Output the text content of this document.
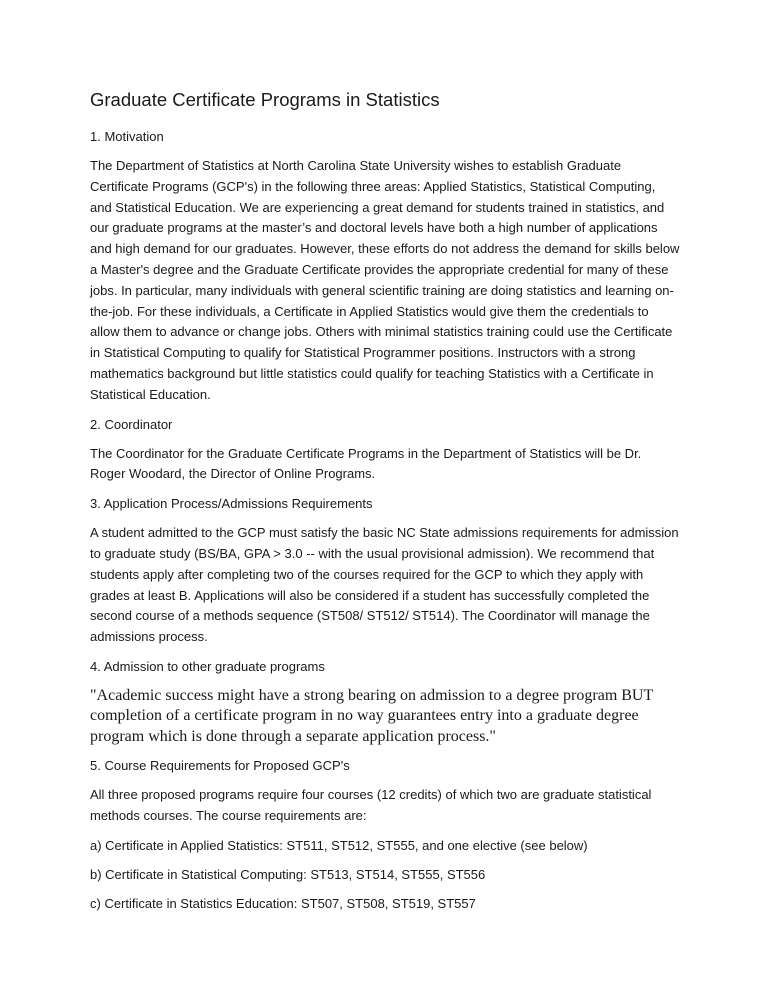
Graduate Certificate Programs in Statistics

1. Motivation

The Department of Statistics at North Carolina State University wishes to establish Graduate Certificate Programs (GCP's) in the following three areas: Applied Statistics, Statistical Computing, and Statistical Education. We are experiencing a great demand for students trained in statistics, and our graduate programs at the master’s and doctoral levels have both a high number of applications and high demand for our graduates. However, these efforts do not address the demand for skills below a Master's degree and the Graduate Certificate provides the appropriate credential for many of these jobs. In particular, many individuals with general scientific training are doing statistics and learning on-the-job. For these individuals, a Certificate in Applied Statistics would give them the credentials to allow them to advance or change jobs. Others with minimal statistics training could use the Certificate in Statistical Computing to qualify for Statistical Programmer positions. Instructors with a strong mathematics background but little statistics could qualify for teaching Statistics with a Certificate in Statistical Education.

2. Coordinator

The Coordinator for the Graduate Certificate Programs in the Department of Statistics will be Dr. Roger Woodard, the Director of Online Programs.

3. Application Process/Admissions Requirements

A student admitted to the GCP must satisfy the basic NC State admissions requirements for admission to graduate study (BS/BA, GPA > 3.0 -- with the usual provisional admission). We recommend that students apply after completing two of the courses required for the GCP to which they apply with grades at least B. Applications will also be considered if a student has successfully completed the second course of a methods sequence (ST508/ ST512/ ST514). The Coordinator will manage the admissions process.

4. Admission to other graduate programs

"Academic success might have a strong bearing on admission to a degree program BUT completion of a certificate program in no way guarantees entry into a graduate degree program which is done through a separate application process."

5. Course Requirements for Proposed GCP's

All three proposed programs require four courses (12 credits) of which two are graduate statistical methods courses. The course requirements are:

a) Certificate in Applied Statistics: ST511, ST512, ST555, and one elective (see below)

b) Certificate in Statistical Computing: ST513, ST514, ST555, ST556

c) Certificate in Statistics Education: ST507, ST508, ST519, ST557
